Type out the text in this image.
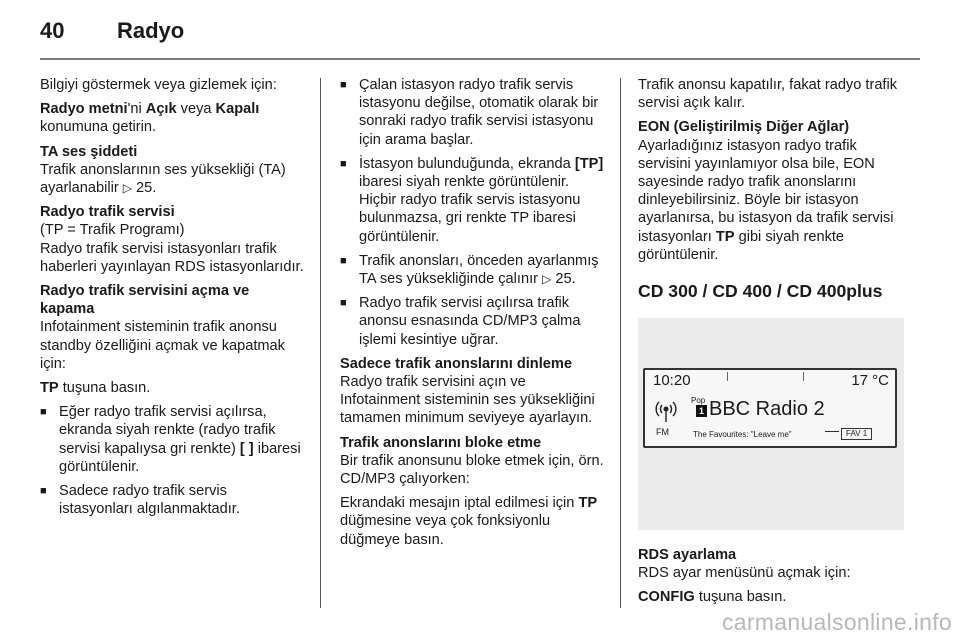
40 Radyo

Bilgiyi göstermek veya gizlemek için:

Radyo metni'ni Açık veya Kapalı konumuna getirin.

TA ses şiddeti
Trafik anonslarının ses yüksekliği (TA) ayarlanabilir ▷ 25.

Radyo trafik servisi
(TP = Trafik Programı)

Radyo trafik servisi istasyonları trafik haberleri yayınlayan RDS istasyonlarıdır.

Radyo trafik servisini açma ve kapama
Infotainment sisteminin trafik anonsu standby özelliğini açmak ve kapatmak için:

TP tuşuna basın.

■ Eğer radyo trafik servisi açılırsa, ekranda siyah renkte (radyo trafik servisi kapalıysa gri renkte) [ ] ibaresi görüntülenir.
■ Sadece radyo trafik servis istasyonları algılanmaktadır.
■ Çalan istasyon radyo trafik servis istasyonu değilse, otomatik olarak bir sonraki radyo trafik servisi istasyonu için arama başlar.
■ İstasyon bulunduğunda, ekranda [TP] ibaresi siyah renkte görüntülenir. Hiçbir radyo trafik servis istasyonu bulunmazsa, gri renkte TP ibaresi görüntülenir.
■ Trafik anonsları, önceden ayarlanmış TA ses yüksekliğinde çalınır ▷ 25.
■ Radyo trafik servisi açılırsa trafik anonsu esnasında CD/MP3 çalma işlemi kesintiye uğrar.

Sadece trafik anonslarını dinleme
Radyo trafik servisini açın ve Infotainment sisteminin ses yüksekliğini tamamen minimum seviyeye ayarlayın.

Trafik anonslarını bloke etme
Bir trafik anonsunu bloke etmek için, örn. CD/MP3 çalıyorken:

Ekrandaki mesajın iptal edilmesi için TP düğmesine veya çok fonksiyonlu düğmeye basın.

Trafik anonsu kapatılır, fakat radyo trafik servisi açık kalır.

EON (Geliştirilmiş Diğer Ağlar)
Ayarladığınız istasyon radyo trafik servisini yayınlamıyor olsa bile, EON sayesinde radyo trafik anonslarını dinleyebilirsiniz. Böyle bir istasyon ayarlanırsa, bu istasyon da trafik servisi istasyonları TP gibi siyah renkte görüntülenir.

CD 300 / CD 400 / CD 400plus
10:20	17 °C
FM
Pop
1 BBC Radio 2
The Favourites: "Leave me"	FAV 1
RDS ayarlama

RDS ayar menüsünü açmak için:

CONFIG tuşuna basın.

carmanualsonline.info
